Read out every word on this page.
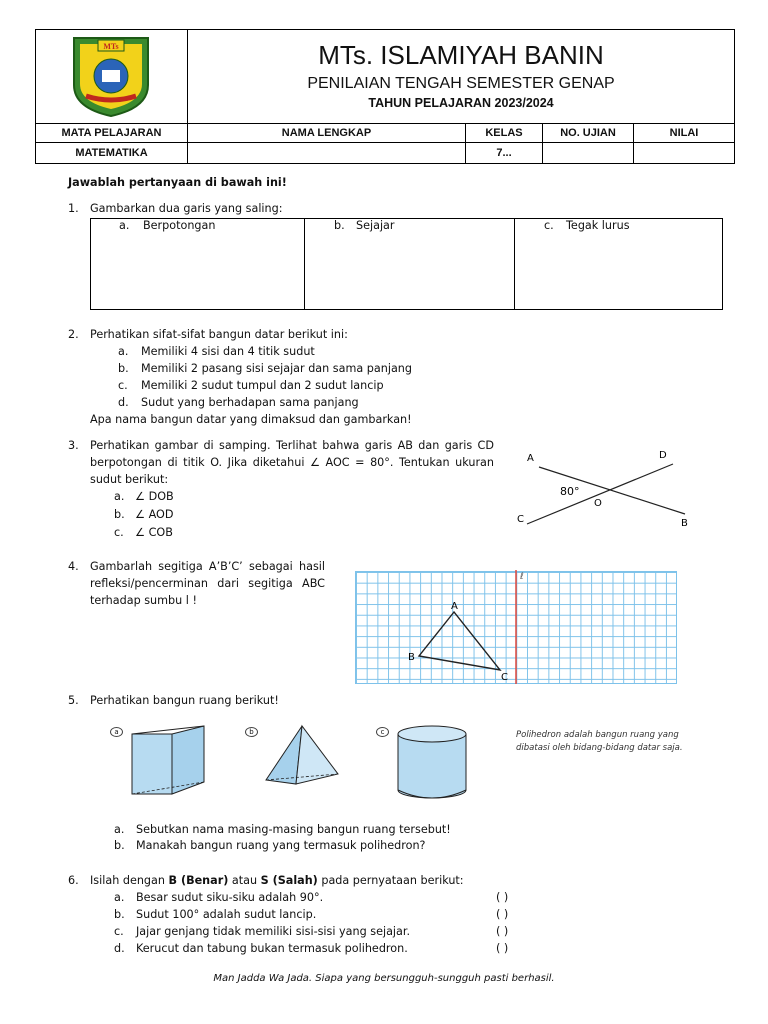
MTs	MTs. ISLAMIYAH BANIN
PENILAIAN TENGAH SEMESTER GENAP
TAHUN PELAJARAN 2023/2024			

MATA PELAJARAN	NAMA LENGKAP	KELAS	NO. UJIAN	NILAI
MATEMATIKA		7...		
Jawablah pertanyaan di bawah ini!
1. Gambarkan dua garis yang saling:
a. Berpotongan	b. Sejajar	c. Tegak lurus
2. Perhatikan sifat-sifat bangun datar berikut ini:
a. Memiliki 4 sisi dan 4 titik sudut
b. Memiliki 2 pasang sisi sejajar dan sama panjang
c. Memiliki 2 sudut tumpul dan 2 sudut lancip
d. Sudut yang berhadapan sama panjang
Apa nama bangun datar yang dimaksud dan gambarkan!
3. Perhatikan gambar di samping. Terlihat bahwa garis AB dan garis CD berpotongan di titik O. Jika diketahui ∠ AOC = 80°. Tentukan ukuran sudut berikut:
a. ∠ DOB
b. ∠ AOD
c. ∠ COB
A
B
C
D
O
80°
4. Gambarlah segitiga A’B’C’ sebagai hasil refleksi/pencerminan dari segitiga ABC terhadap sumbu l !
ℓ
A
B
C
5. Perhatikan bangun ruang berikut!
a	b	c	Polihedron adalah bangun ruang yang dibatasi oleh bidang-bidang datar saja.
a. Sebutkan nama masing-masing bangun ruang tersebut!
b. Manakah bangun ruang yang termasuk polihedron?
6. Isilah dengan B (Benar) atau S (Salah) pada pernyataan berikut:
a. Besar sudut siku-siku adalah 90°.	( )
b. Sudut 100° adalah sudut lancip.	( )
c. Jajar genjang tidak memiliki sisi-sisi yang sejajar.	( )
d. Kerucut dan tabung bukan termasuk polihedron.	( )
Man Jadda Wa Jada. Siapa yang bersungguh-sungguh pasti berhasil.
